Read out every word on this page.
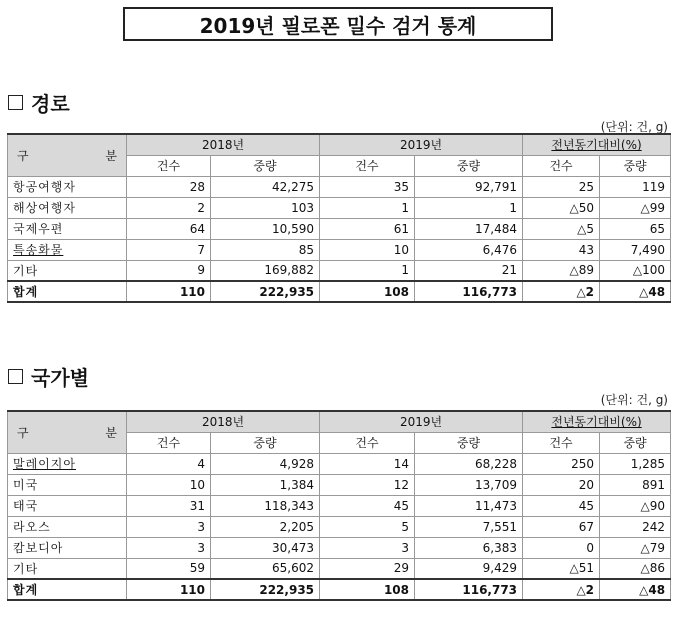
2019년 필로폰 밀수 검거 통계
경로
(단위: 건, g)
구 분	2018년		2019년		전년동기대비(%)	
	건수	중량	건수	중량	건수	중량
항공여행자	28	42,275	35	92,791	25	119
해상여행자	2	103	1	1	△50	△99
국제우편	64	10,590	61	17,484	△5	65
특송화물	7	85	10	6,476	43	7,490
기타	9	169,882	1	21	△89	△100
합계	110	222,935	108	116,773	△2	△48
국가별
(단위: 건, g)
구 분	2018년		2019년		전년동기대비(%)	
	건수	중량	건수	중량	건수	중량
말레이지아	4	4,928	14	68,228	250	1,285
미국	10	1,384	12	13,709	20	891
태국	31	118,343	45	11,473	45	△90
라오스	3	2,205	5	7,551	67	242
캄보디아	3	30,473	3	6,383	0	△79
기타	59	65,602	29	9,429	△51	△86
합계	110	222,935	108	116,773	△2	△48
